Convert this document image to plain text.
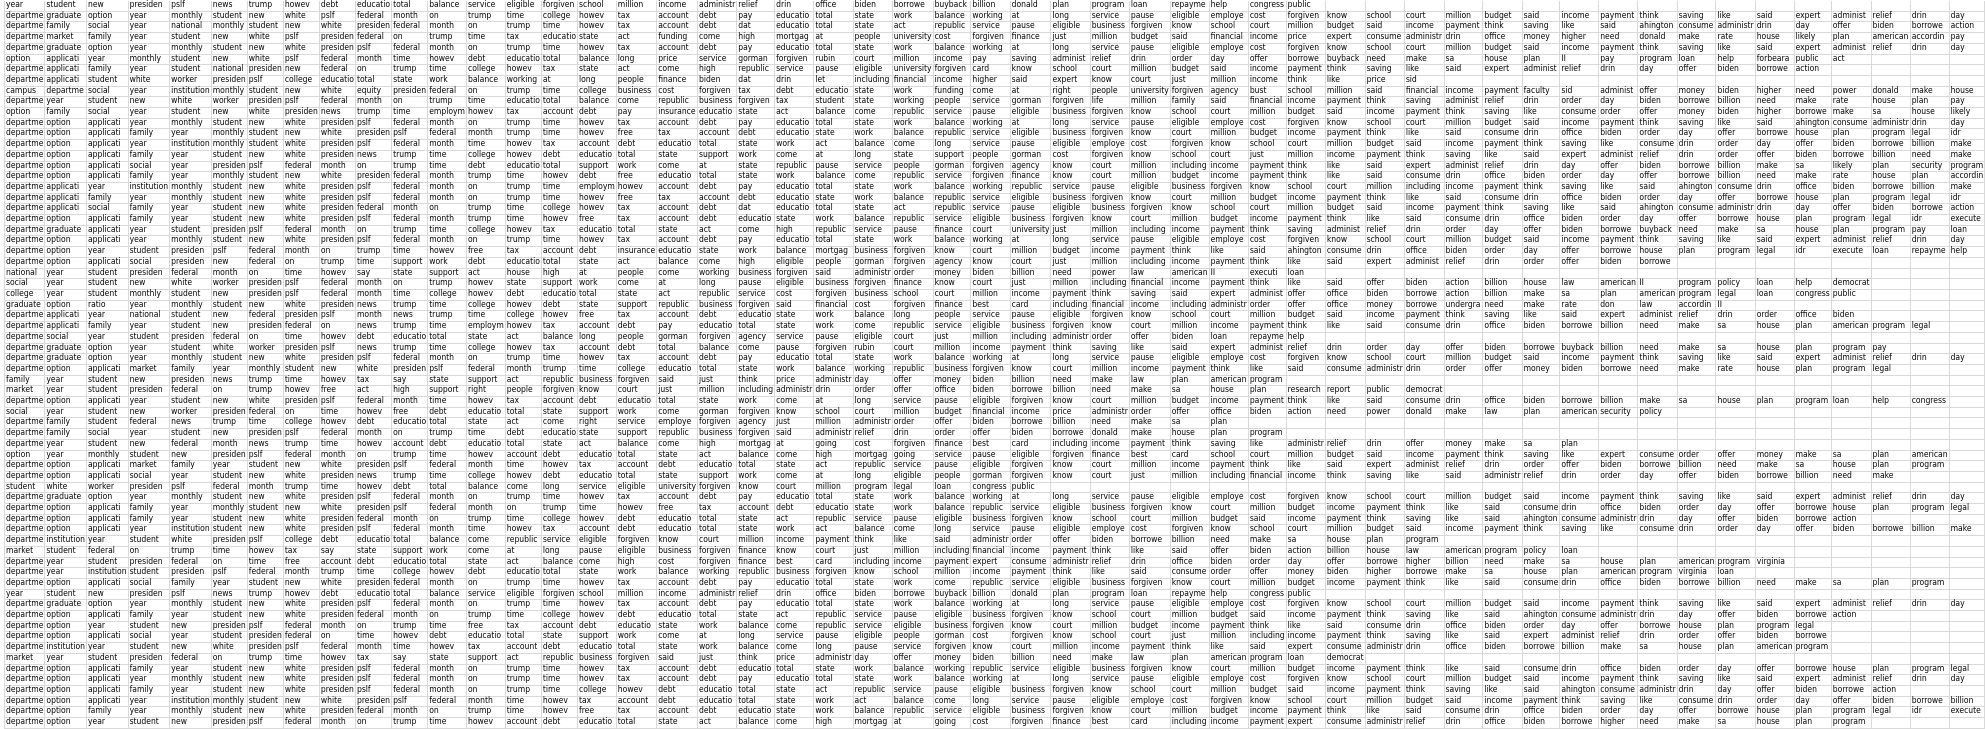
year	student	new	presiden	pslf	news	trump	howev	debt	educatio	total	balance	service	eligible	forgiven	school	million	income	administr	relief	drin	office	biden	borrowe	buyback	billion	donald	plan	program	loan	repayme	help	congress	public																	
departme	graduate	option	year	monthly	student	new	white	pslf	federal	month	on	trump	time	college	howev	tax	account	debt	pay	educatio	total	state	work	balance	working	at	long	service	pause	eligible	employe	cost	forgiven	know	school	court	million	budget	said	income	payment	think	saving	like	said	expert	administ	relief	drin	day
departme	family	social	year	national	monthly	student	new	white	presiden	federal	month	on	trump	time	howev	tax	account	debt	dat	educatio	total	state	act	republic	service	pause	eligible	business	forgiven	know	school	court	million	budget	said	income	payment	think	saving	like	said	ahington	consume	administr	drin	day	offer	biden	borrowe	action
departme	market	family	year	student	new	white	pslf	presiden	federal	on	trump	time	tax	educatio	state	act	funding	come	high	mortgag	at	people	university	cost	forgiven	finance	just	million	budget	said	financial	income	price	expert	consume	administr	drin	office	money	higher	need	donald	make	rate	house	likely	plan	american	accordin	pay
departme	graduate	option	year	monthly	student	new	white	presiden	pslf	federal	month	on	trump	time	howev	tax	account	debt	pay	educatio	total	state	work	balance	working	at	long	service	pause	eligible	employe	cost	forgiven	know	school	court	million	budget	said	income	payment	think	saving	like	said	expert	administ	relief	drin	day
option	applicati	year	monthly	student	new	white	pslf	federal	month	time	howev	debt	educatio	total	balance	long	price	service	gorman	forgiven	rubin	court	million	income	pay	saving	administ	relief	drin	order	day	offer	borrowe	buyback	need	make	sa	house	plan	II	pay	program	loan	help	forbeara	public	act			
departme	applicati	family	year	student	national	presiden	new	federal	on	trump	time	college	howev	tax	state	act	come	high	republic	service	pause	eligible	university	forgiven	card	know	school	court	million	budget	said	income	payment	think	saving	like	said	expert	administ	relief	drin	day	offer	biden	borrowe	action				
departme	applicati	student	white	worker	presiden	pslf	college	educatio	total	state	work	balance	working	at	long	people	finance	biden	dat	drin	let	including	financial	income	higher	said	expert	know	court	just	million	income	think	like	price	sid														
campus	departme	social	year	institution	monthly	student	new	white	equity	presiden	federal	on	trump	time	college	business	cost	forgiven	tax	debt	educatio	state	work	funding	come	at	right	people	university	forgiven	agency	bust	school	million	said	financial	income	payment	faculty	sid	administ	offer	money	biden	higher	need	power	donald	make	house
departme	year	student	new	white	worker	presiden	pslf	federal	month	on	trump	time	educatio	total	balance	come	republic	business	forgiven	tax	student	state	working	people	service	gorman	forgiven	life	million	family	said	financial	income	payment	think	saving	administ	relief	drin	order	day	biden	borrowe	billion	need	make	rate	house	plan	pay
option	family	social	year	student	new	white	presiden	news	trump	time	employm	howev	tax	account	debt	pay	insurance	educatio	state	act	balance	come	republic	service	pause	eligible	business	forgiven	know	school	court	million	budget	said	income	payment	think	saving	like	consume	order	offer	money	biden	higher	borrowe	make	sa	house	likely
departme	option	applicati	year	monthly	student	new	white	presiden	pslf	federal	month	on	trump	time	howev	tax	account	debt	pay	educatio	total	state	work	balance	working	at	long	service	pause	eligible	employe	cost	forgiven	know	school	court	million	budget	said	income	payment	think	saving	like	said	ahington	consume	administr	drin	day
departme	option	applicati	family	year	monthly	student	new	white	presiden	pslf	federal	month	trump	time	howev	free	tax	account	debt	educatio	state	work	balance	republic	service	eligible	business	forgiven	know	court	million	budget	income	payment	think	like	said	consume	drin	office	biden	order	day	offer	borrowe	house	plan	program	legal	idr
departme	option	applicati	year	institution	monthly	student	white	presiden	pslf	federal	month	time	howev	tax	account	debt	educatio	total	state	work	act	balance	come	long	service	pause	eligible	employe	cost	forgiven	know	school	court	million	budget	said	income	payment	think	saving	like	consume	drin	order	day	offer	biden	borrowe	billion	make
departme	option	applicati	family	year	student	new	white	presiden	news	trump	time	college	howev	debt	educatio	total	state	support	work	come	at	long	state	support	people	gorman	cost	forgiven	know	school	court	just	million	income	payment	think	saving	like	said	expert	administ	relief	drin	order	offer	biden	borrowe	billion	need	make
departme	option	applicati	social	year	presiden	pslf	federal	month	on	trump	time	debt	educatio	total	support	work	come	at	state	republic	pause	service	people	gorman	forgiven	agency	know	court	million	including	income	payment	think	like	said	expert	administ	relief	drin	day	offer	biden	borrowe	billion	make	sa	likely	plan	security	program
departme	option	applicati	family	year	monthly	student	new	white	presiden	federal	month	trump	time	howev	debt	free	educatio	total	state	work	balance	come	republic	service	forgiven	finance	know	court	million	budget	income	payment	think	like	said	consume	drin	office	biden	order	day	offer	borrowe	billion	need	make	rate	house	plan	accordin
departme	applicati	year	institution	monthly	student	new	white	presiden	pslf	federal	month	on	trump	time	employm	howev	account	debt	pay	educatio	total	state	work	balance	working	republic	service	pause	eligible	business	forgiven	know	school	court	million	including	income	payment	think	saving	like	said	ahington	consume	drin	office	biden	borrowe	billion	make
departme	applicati	family	year	monthly	student	new	white	presiden	pslf	federal	month	on	trump	time	howev	free	tax	account	debt	educatio	state	work	balance	republic	service	eligible	business	forgiven	know	court	million	budget	income	payment	think	like	said	consume	drin	office	biden	order	day	offer	borrowe	house	plan	program	legal	idr
departme	applicati	social	family	year	student	new	white	presiden	federal	month	on	trump	time	college	howev	tax	account	debt	dat	educatio	total	state	act	republic	service	pause	eligible	business	forgiven	know	school	court	million	budget	said	income	payment	think	saving	like	said	ahington	consume	administr	drin	day	offer	biden	borrowe	action
departme	option	applicati	family	year	student	new	white	presiden	pslf	federal	month	trump	time	howev	free	tax	account	debt	educatio	state	work	balance	republic	service	eligible	business	forgiven	know	court	million	budget	income	payment	think	like	said	consume	drin	office	biden	order	day	offer	borrowe	house	plan	program	legal	idr	execute
departme	graduate	applicati	year	student	presiden	pslf	federal	month	on	trump	time	college	howev	tax	educatio	total	state	act	come	high	republic	service	pause	finance	court	university	just	million	including	income	payment	think	saving	administ	relief	drin	order	day	offer	biden	borrowe	buyback	need	make	sa	house	plan	program	pay	loan
departme	option	applicati	year	monthly	student	new	white	presiden	pslf	federal	month	on	trump	time	howev	tax	account	debt	pay	educatio	total	state	work	balance	working	at	long	service	pause	eligible	employe	cost	forgiven	know	school	court	million	budget	said	income	payment	think	saving	like	said	expert	administ	relief	drin	day
departme	option	year	student	presiden	pslf	federal	month	on	trump	time	howev	free	tax	account	debt	insurance	educatio	state	work	balance	mortgag	business	forgiven	know	court	million	budget	income	payment	think	like	said	ahington	consume	drin	office	biden	order	day	offer	borrowe	house	plan	program	legal	idr	execute	loan	repayme	help
departme	option	applicati	social	presiden	new	federal	on	trump	time	support	work	debt	educatio	total	state	act	balance	come	high	eligible	people	gorman	forgiven	agency	know	court	just	million	including	income	payment	think	like	said	expert	administ	relief	drin	order	offer	biden	borrowe								
national	year	student	presiden	federal	month	on	time	howev	say	state	support	act	house	high	at	people	come	working	business	forgiven	said	administr	order	money	biden	billion	need	power	law	american	II	executi	loan																	
social	year	student	new	white	worker	presiden	pslf	federal	month	on	trump	howev	state	support	work	come	at	long	pause	eligible	business	forgiven	finance	know	court	just	million	including	financial	income	payment	think	like	said	offer	biden	action	billion	house	law	american	II	program	policy	loan	help	democrat			
college	year	student	monthly	student	new	presiden	pslf	federal	month	time	college	howev	debt	educatio	total	state	act	republic	service	cost	forgiven	business	school	court	million	income	payment	think	saving	said	expert	administ	offer	office	biden	borrowe	action	billion	make	sa	plan	american	program	legal	loan	congress	public			
graduate	option	ratio	year	monthly	student	new	white	presiden	news	trump	time	college	howev	debt	state	support	republic	business	forgiven	said	financial	cost	forgiven	finance	best	card	including	financial	income	including	administr	order	offer	office	money	borrowe	undergra	need	make	rate	don	law	accordin	II						
departme	applicati	year	national	student	new	federal	presiden	pslf	month	news	trump	time	college	howev	free	tax	account	debt	educatio	state	work	balance	long	people	service	pause	eligible	forgiven	know	school	court	million	budget	said	income	payment	think	saving	like	said	expert	administ	relief	drin	order	office	biden			
departme	applicati	family	year	student	new	presiden	federal	on	news	trump	time	employm	howev	tax	account	debt	pay	educatio	total	state	work	come	republic	service	eligible	business	forgiven	know	court	million	income	payment	think	like	said	consume	drin	office	biden	borrowe	billion	need	make	sa	house	plan	american	program	legal	
departme	social	year	student	presiden	federal	on	time	howev	debt	educatio	total	state	act	balance	long	people	gorman	forgiven	agency	service	pause	eligible	court	just	million	including	administr	order	offer	biden	loan	repayme	help																	
departme	graduate	option	year	student	white	worker	presiden	pslf	news	trump	time	college	howev	tax	account	debt	total	balance	come	pause	forgiven	rubin	court	million	income	payment	think	saving	like	said	expert	administ	relief	drin	order	day	offer	biden	borrowe	buyback	billion	need	make	sa	house	plan	program	pay		
departme	graduate	option	year	monthly	student	new	white	presiden	pslf	federal	month	on	trump	time	howev	tax	account	debt	pay	educatio	total	state	work	balance	working	at	long	service	pause	eligible	employe	cost	forgiven	know	school	court	million	budget	said	income	payment	think	saving	like	said	expert	administ	relief	drin	day
departme	option	applicati	market	family	year	monthly	student	new	white	presiden	pslf	federal	month	trump	time	college	educatio	total	state	work	balance	working	republic	business	forgiven	know	court	million	income	payment	think	like	said	consume	administr	drin	order	offer	money	biden	borrowe	need	make	rate	house	plan	program	legal		
family	year	student	new	presiden	news	trump	time	howev	tax	say	state	support	act	republic	business	forgiven	said	just	think	price	administr	day	offer	money	biden	billion	need	make	law	plan	american	program																		
market	year	student	presiden	federal	on	trump	howev	free	act	high	support	right	people	forgiven	know	court	just	million	including	administr	drin	order	offer	office	biden	borrowe	billion	need	make	sa	house	plan	research	report	public	democrat														
departme	option	applicati	year	student	new	white	presiden	pslf	federal	month	time	howev	tax	account	debt	educatio	total	state	work	come	at	long	service	pause	eligible	forgiven	know	court	million	budget	income	payment	think	like	said	consume	drin	office	biden	borrowe	billion	make	sa	house	plan	program	loan	help	congress	
social	year	student	new	worker	presiden	federal	on	time	howev	free	debt	educatio	total	state	support	work	come	gorman	forgiven	know	school	court	million	budget	financial	income	price	administr	order	offer	office	biden	action	need	power	donald	make	law	plan	american	security	policy								
departme	family	student	federal	news	trump	time	college	howev	debt	educatio	total	state	act	come	right	service	employe	forgiven	agency	just	million	administr	order	offer	biden	borrowe	billion	need	make	sa	plan																			
departme	family	social	year	student	new	presiden	pslf	federal	month	on	trump	time	debt	educatio	state	support	republic	business	forgiven	said	administr	relief	drin	order	offer	biden	borrowe	donald	make	house	plan	program																		
departme	year	student	new	federal	month	news	trump	time	howev	account	debt	educatio	total	state	act	balance	come	high	mortgag	at	going	cost	forgiven	finance	best	card	including	income	payment	think	saving	like	administr	relief	drin	offer	money	make	sa	plan										
option	year	monthly	student	new	presiden	pslf	federal	month	on	trump	time	howev	account	debt	educatio	total	state	act	balance	come	high	mortgag	going	service	pause	eligible	forgiven	finance	best	card	school	court	million	budget	said	income	payment	think	saving	like	expert	consume	order	offer	money	make	sa	plan	american	
departme	option	applicati	market	family	year	student	new	white	presiden	pslf	federal	month	time	howev	tax	account	debt	educatio	total	state	act	republic	service	pause	eligible	forgiven	know	court	million	income	payment	think	like	said	expert	administ	relief	drin	order	offer	biden	borrowe	billion	need	make	sa	house	plan	program	
departme	option	applicati	social	year	student	new	white	presiden	news	trump	time	college	howev	debt	educatio	total	state	support	work	come	at	long	eligible	people	gorman	forgiven	know	court	just	million	including	financial	income	think	saving	like	said	administr	relief	drin	order	day	offer	biden	borrowe	billion	need	make		
student	white	worker	presiden	pslf	federal	month	trump	time	howev	debt	total	balance	come	long	service	eligible	university	forgiven	know	court	million	program	legal	loan	congress	public																								
departme	graduate	option	year	monthly	student	new	white	presiden	pslf	federal	month	on	trump	time	howev	tax	account	debt	pay	educatio	total	state	work	balance	working	at	long	service	pause	eligible	employe	cost	forgiven	know	school	court	million	budget	said	income	payment	think	saving	like	said	expert	administ	relief	drin	day
departme	option	applicati	family	year	monthly	student	new	white	presiden	pslf	federal	month	on	trump	time	howev	free	tax	account	debt	educatio	state	work	balance	republic	service	eligible	business	forgiven	know	court	million	budget	income	payment	think	like	said	consume	drin	office	biden	order	day	offer	borrowe	house	plan	program	legal
departme	option	applicati	family	year	student	new	white	presiden	federal	month	on	trump	time	college	howev	debt	educatio	total	state	act	republic	service	pause	eligible	business	forgiven	know	school	court	million	budget	said	income	payment	think	saving	like	said	ahington	consume	administr	drin	day	offer	biden	borrowe	action			
departme	option	applicati	year	institution	student	new	white	presiden	pslf	federal	month	time	howev	tax	account	debt	educatio	total	state	work	act	balance	come	long	service	pause	eligible	employe	cost	forgiven	know	school	court	million	budget	said	income	payment	think	saving	like	consume	drin	order	day	offer	biden	borrowe	billion	make
departme	institution	year	student	white	presiden	pslf	college	debt	educatio	total	balance	come	republic	service	eligible	forgiven	know	court	million	income	payment	think	like	said	administr	order	offer	biden	borrowe	billion	need	make	sa	house	plan	program														
market	student	federal	on	trump	time	howev	tax	say	state	support	work	come	at	long	pause	eligible	business	forgiven	finance	know	court	just	million	including	financial	income	payment	think	like	said	offer	biden	action	billion	house	law	american	program	policy	loan										
departme	year	student	presiden	federal	on	time	free	account	debt	educatio	total	state	act	balance	come	high	cost	forgiven	finance	best	card	including	income	payment	expert	consume	administr	relief	drin	office	biden	order	day	offer	borrowe	higher	billion	need	make	sa	house	plan	american	program	virginia					
departme	year	institution	student	presiden	pslf	federal	month	trump	time	college	howev	debt	educatio	total	state	work	balance	working	republic	business	forgiven	know	school	million	income	payment	think	like	said	consume	order	offer	money	biden	higher	borrowe	make	sa	house	plan	american	program	virginia	loan						
departme	option	applicati	social	family	year	student	new	white	presiden	federal	month	on	trump	time	howev	tax	account	debt	pay	educatio	total	state	work	come	republic	service	eligible	business	forgiven	know	court	million	budget	income	payment	think	like	said	consume	drin	office	biden	borrowe	billion	need	make	sa	plan	program	
year	student	new	presiden	pslf	news	trump	howev	debt	educatio	total	balance	service	eligible	forgiven	school	million	income	administr	relief	drin	office	biden	borrowe	buyback	billion	donald	plan	program	loan	repayme	help	congress	public																	
departme	graduate	option	year	monthly	student	new	white	presiden	pslf	federal	month	on	trump	time	howev	tax	account	debt	pay	educatio	total	state	work	balance	working	at	long	service	pause	eligible	employe	cost	forgiven	know	school	court	million	budget	said	income	payment	think	saving	like	said	expert	administ	relief	drin	day
departme	option	applicati	family	year	student	new	white	presiden	federal	month	on	trump	time	college	howev	debt	educatio	total	state	act	republic	service	pause	eligible	business	forgiven	know	school	court	million	budget	said	income	payment	think	saving	like	said	ahington	consume	administr	drin	day	offer	biden	borrowe	action			
departme	option	year	student	new	presiden	pslf	federal	month	on	trump	time	free	tax	account	debt	educatio	state	work	balance	come	republic	service	eligible	business	forgiven	know	court	million	budget	income	payment	think	like	said	consume	drin	office	biden	order	day	offer	borrowe	house	plan	program	legal				
departme	option	applicati	social	year	student	presiden	federal	on	time	howev	debt	educatio	total	state	support	work	come	at	long	service	pause	eligible	people	gorman	cost	forgiven	know	school	court	just	million	including	income	payment	think	saving	like	said	expert	administ	relief	drin	order	offer	biden	borrowe				
departme	institution	year	student	new	white	presiden	pslf	federal	month	time	howev	tax	account	debt	educatio	total	state	work	balance	come	long	pause	service	forgiven	know	court	million	income	payment	think	like	said	expert	consume	administr	drin	office	biden	borrowe	billion	make	sa	house	plan	american	program				
market	year	student	presiden	federal	on	trump	time	howev	tax	say	state	support	act	republic	business	forgiven	said	just	think	price	administr	day	offer	money	biden	billion	need	make	law	plan	american	program	loan	democrat																
departme	option	applicati	family	year	student	new	white	presiden	pslf	federal	month	on	trump	time	howev	tax	account	debt	educatio	total	state	work	balance	working	republic	service	eligible	business	forgiven	know	court	million	budget	income	payment	think	like	said	consume	drin	office	biden	order	day	offer	borrowe	house	plan	program	legal
departme	option	applicati	year	monthly	student	new	white	presiden	pslf	federal	month	on	trump	time	howev	tax	account	debt	pay	educatio	total	state	work	balance	working	at	long	service	pause	eligible	employe	cost	forgiven	know	school	court	million	budget	said	income	payment	think	saving	like	said	expert	administ	relief	drin	day
departme	option	applicati	family	year	student	new	white	presiden	pslf	federal	month	on	trump	time	college	howev	debt	educatio	total	state	act	republic	service	pause	eligible	business	forgiven	know	school	court	million	budget	said	income	payment	think	saving	like	said	ahington	consume	administr	drin	day	offer	biden	borrowe	action		
departme	option	applicati	year	institution	monthly	student	new	white	presiden	pslf	federal	month	time	howev	tax	account	debt	educatio	total	state	work	act	balance	come	long	service	pause	eligible	employe	cost	forgiven	know	school	court	million	budget	said	income	payment	think	saving	like	consume	drin	order	day	offer	biden	borrowe	billion
departme	option	family	year	monthly	student	new	white	presiden	federal	month	on	trump	time	howev	free	tax	account	debt	educatio	state	work	balance	republic	service	eligible	business	forgiven	know	court	million	budget	income	payment	think	like	said	consume	drin	office	biden	order	day	offer	borrowe	house	plan	program	legal	idr	execute
departme	option	year	student	new	presiden	pslf	federal	month	on	trump	time	howev	account	debt	educatio	total	state	act	balance	come	high	mortgag	at	going	cost	forgiven	finance	best	card	including	income	payment	expert	consume	administr	relief	drin	office	biden	borrowe	higher	need	make	sa	house	plan	program			
